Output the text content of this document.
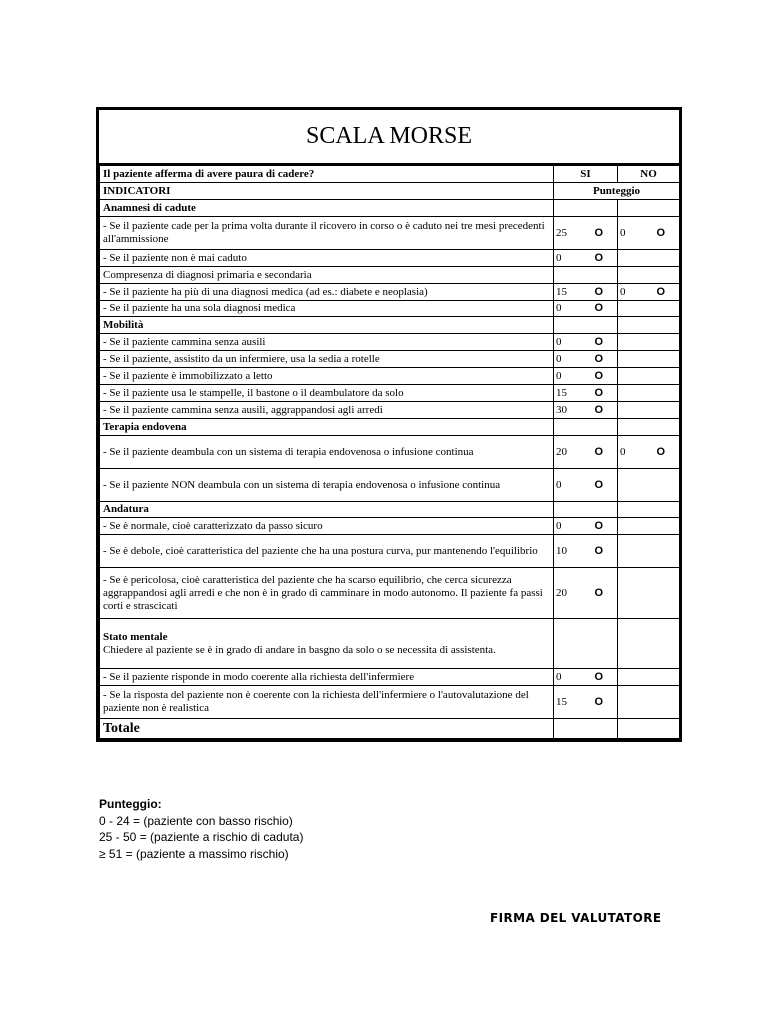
SCALA MORSE
Il paziente afferma di avere paura di cadere?	SI	NO
INDICATORI	Punteggio	
Anamnesi di cadute		
- Se il paziente cade per la prima volta durante il ricovero in corso o è caduto nei tre mesi precedenti all'ammissione	25 O	0 O

- Se il paziente non è mai caduto	0 O	

Compresenza di diagnosi primaria e secondaria		
- Se il paziente ha più di una diagnosi medica (ad es.: diabete e neoplasia)	15 O	0 O

- Se il paziente ha una sola diagnosi medica	0 O	

Mobilità		
- Se il paziente cammina senza ausili	0 O	

- Se il paziente, assistito da un infermiere, usa la sedia a rotelle	0 O	

- Se il paziente è immobilizzato a letto	0 O	

- Se il paziente usa le stampelle, il bastone o il deambulatore da solo	15 O	

- Se il paziente cammina senza ausili, aggrappandosi agli arredi	30 O	

Terapia endovena		
- Se il paziente deambula con un sistema di terapia endovenosa o infusione continua	20 O	0 O

- Se il paziente NON deambula con un sistema di terapia endovenosa o infusione continua	0 O	

Andatura		
- Se è normale, cioè caratterizzato da passo sicuro	0 O	

- Se è debole, cioè caratteristica del paziente che ha una postura curva, pur mantenendo l'equilibrio	10 O	

- Se è pericolosa, cioè caratteristica del paziente che ha scarso equilibrio, che cerca sicurezza aggrappandosi agli arredi e che non è in grado di camminare in modo autonomo. Il paziente fa passi corti e strascicati	20 O	

Stato mentale
Chiedere al paziente se è in grado di andare in basgno da solo o se necessita di assistenta.		

- Se il paziente risponde in modo coerente alla richiesta dell'infermiere	0 O	

- Se la risposta del paziente non è coerente con la richiesta dell'infermiere o l'autovalutazione del paziente non è realistica	15 O	

Totale		
Punteggio:
0 - 24 = (paziente con basso rischio)
25 - 50 = (paziente a rischio di caduta)
≥ 51 = (paziente a massimo rischio)
FIRMA DEL VALUTATORE
